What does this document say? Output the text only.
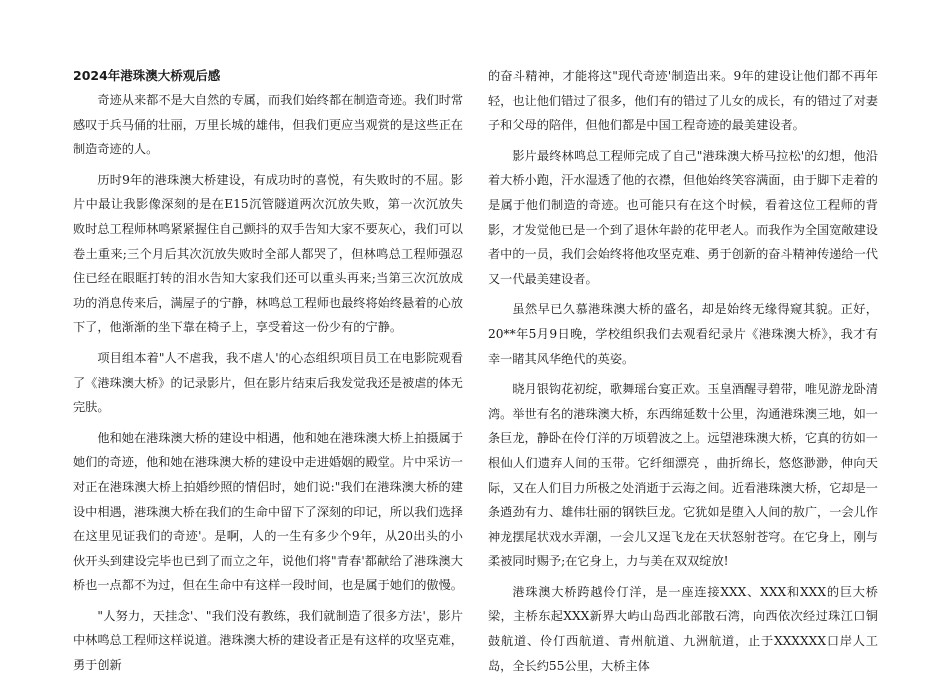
2024年港珠澳大桥观后感

奇迹从来都不是大自然的专属，而我们始终都在制造奇迹。我们时常感叹于兵马俑的壮丽，万里长城的雄伟，但我们更应当观赏的是这些正在制造奇迹的人。

历时9年的港珠澳大桥建设，有成功时的喜悦，有失败时的不屈。影片中最让我影像深刻的是在E15沉管隧道两次沉放失败，第一次沉放失败时总工程师林鸣紧紧握住自己颤抖的双手告知大家不要灰心，我们可以卷土重来;三个月后其次沉放失败时全部人都哭了，但林鸣总工程师强忍住已经在眼眶打转的泪水告知大家我们还可以重头再来;当第三次沉放成功的消息传来后，满屋子的宁静，林鸣总工程师也最终将始终悬着的心放下了，他渐渐的坐下靠在椅子上，享受着这一份少有的宁静。

项目组本着"人不虐我，我不虐人'的心态组织项目员工在电影院观看了《港珠澳大桥》的记录影片，但在影片结束后我发觉我还是被虐的体无完肤。

他和她在港珠澳大桥的建设中相遇，他和她在港珠澳大桥上拍摄属于她们的奇迹，他和她在港珠澳大桥的建设中走进婚姻的殿堂。片中采访一对正在港珠澳大桥上拍婚纱照的情侣时，她们说:"我们在港珠澳大桥的建设中相遇，港珠澳大桥在我们的生命中留下了深刻的印记，所以我们选择在这里见证我们的奇迹'。是啊，人的一生有多少个9年，从20出头的小伙开头到建设完毕也已到了而立之年，说他们将"青春'都献给了港珠澳大桥也一点都不为过，但在生命中有这样一段时间，也是属于她们的傲慢。

"人努力，天挂念'、"我们没有教练，我们就制造了很多方法'，影片中林鸣总工程师这样说道。港珠澳大桥的建设者正是有这样的攻坚克难，勇于创新

的奋斗精神，才能将这"现代奇迹'制造出来。9年的建设让他们都不再年轻，也让他们错过了很多，他们有的错过了儿女的成长，有的错过了对妻子和父母的陪伴，但他们都是中国工程奇迹的最美建设者。

影片最终林鸣总工程师完成了自己"港珠澳大桥马拉松'的幻想，他沿着大桥小跑，汗水湿透了他的衣襟，但他始终笑容满面，由于脚下走着的是属于他们制造的奇迹。也可能只有在这个时候，看着这位工程师的背影，才发觉他已是一个到了退休年龄的花甲老人。而我作为全国宽敞建设者中的一员，我们会始终将他攻坚克难、勇于创新的奋斗精神传递给一代又一代最美建设者。

虽然早已久慕港珠澳大桥的盛名，却是始终无缘得窥其貌。正好，20**年5月9日晚，学校组织我们去观看纪录片《港珠澳大桥》，我才有幸一睹其风华绝代的英姿。

晓月银钩花初绽，歌舞瑶台宴正欢。玉皇酒醒寻碧带，唯见游龙卧清湾。举世有名的港珠澳大桥，东西绵延数十公里，沟通港珠澳三地，如一条巨龙，静卧在伶仃洋的万顷碧波之上。远望港珠澳大桥，它真的彷如一根仙人们遗弃人间的玉带。它纤细漂亮 ，曲折绵长，悠悠渺渺，伸向天际，又在人们目力所极之处消逝于云海之间。近看港珠澳大桥，它却是一条遒劲有力、雄伟壮丽的钢铁巨龙。它犹如是堕入人间的敖广，一会儿作神龙摆尾状戏水弄潮，一会儿又逞飞龙在天状怒射苍穹。在它身上，刚与柔被同时赐予;在它身上，力与美在双双绽放!

港珠澳大桥跨越伶仃洋，是一座连接XXX、XXX和XXX的巨大桥梁，主桥东起XXX新界大屿山岛西北部散石湾，向西依次经过珠江口铜鼓航道、伶仃西航道、青州航道、九洲航道，止于XXXXXX口岸人工岛，全长约55公里，大桥主体
